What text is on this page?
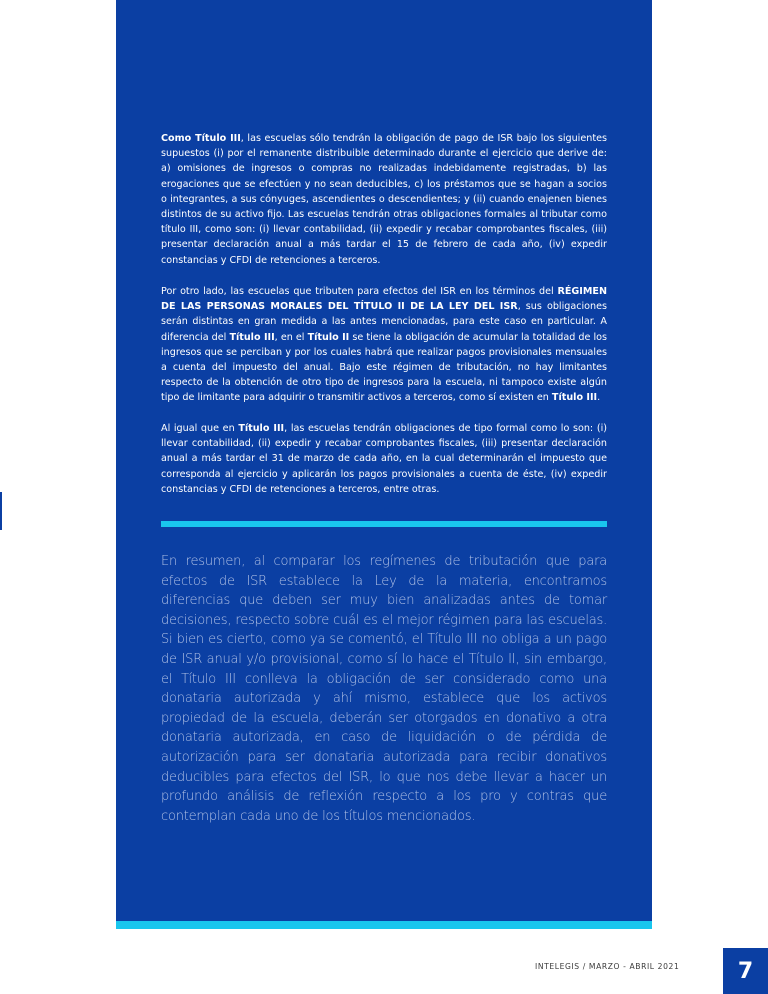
Como Título III, las escuelas sólo tendrán la obligación de pago de ISR bajo los siguientes supuestos (i) por el remanente distribuible determinado durante el ejercicio que derive de: a) omisiones de ingresos o compras no realizadas indebidamente registradas, b) las erogaciones que se efectúen y no sean deducibles, c) los préstamos que se hagan a socios o integrantes, a sus cónyuges, ascendientes o descendientes; y (ii) cuando enajenen bienes distintos de su activo fijo. Las escuelas tendrán otras obligaciones formales al tributar como título III, como son: (i) llevar contabilidad, (ii) expedir y recabar comprobantes fiscales, (iii) presentar declaración anual a más tardar el 15 de febrero de cada año, (iv) expedir constancias y CFDI de retenciones a terceros.

Por otro lado, las escuelas que tributen para efectos del ISR en los términos del RÉGIMEN DE LAS PERSONAS MORALES DEL TÍTULO II DE LA LEY DEL ISR, sus obligaciones serán distintas en gran medida a las antes mencionadas, para este caso en particular. A diferencia del Título III, en el Título II se tiene la obligación de acumular la totalidad de los ingresos que se perciban y por los cuales habrá que realizar pagos provisionales mensuales a cuenta del impuesto del anual. Bajo este régimen de tributación, no hay limitantes respecto de la obtención de otro tipo de ingresos para la escuela, ni tampoco existe algún tipo de limitante para adquirir o transmitir activos a terceros, como sí existen en Título III.

Al igual que en Título III, las escuelas tendrán obligaciones de tipo formal como lo son: (i) llevar contabilidad, (ii) expedir y recabar comprobantes fiscales, (iii) presentar declaración anual a más tardar el 31 de marzo de cada año, en la cual determinarán el impuesto que corresponda al ejercicio y aplicarán los pagos provisionales a cuenta de éste, (iv) expedir constancias y CFDI de retenciones a terceros, entre otras.

En resumen, al comparar los regímenes de tributación que para efectos de ISR establece la Ley de la materia, encontramos diferencias que deben ser muy bien analizadas antes de tomar decisiones, respecto sobre cuál es el mejor régimen para las escuelas. Si bien es cierto, como ya se comentó, el Título III no obliga a un pago de ISR anual y/o provisional, como sí lo hace el Título II, sin embargo, el Título III conlleva la obligación de ser considerado como una donataria autorizada y ahí mismo, establece que los activos propiedad de la escuela, deberán ser otorgados en donativo a otra donataria autorizada, en caso de liquidación o de pérdida de autorización para ser donataria autorizada para recibir donativos deducibles para efectos del ISR, lo que nos debe llevar a hacer un profundo análisis de reflexión respecto a los pro y contras que contemplan cada uno de los títulos mencionados.

INTELEGIS / MARZO - ABRIL 2021	7
